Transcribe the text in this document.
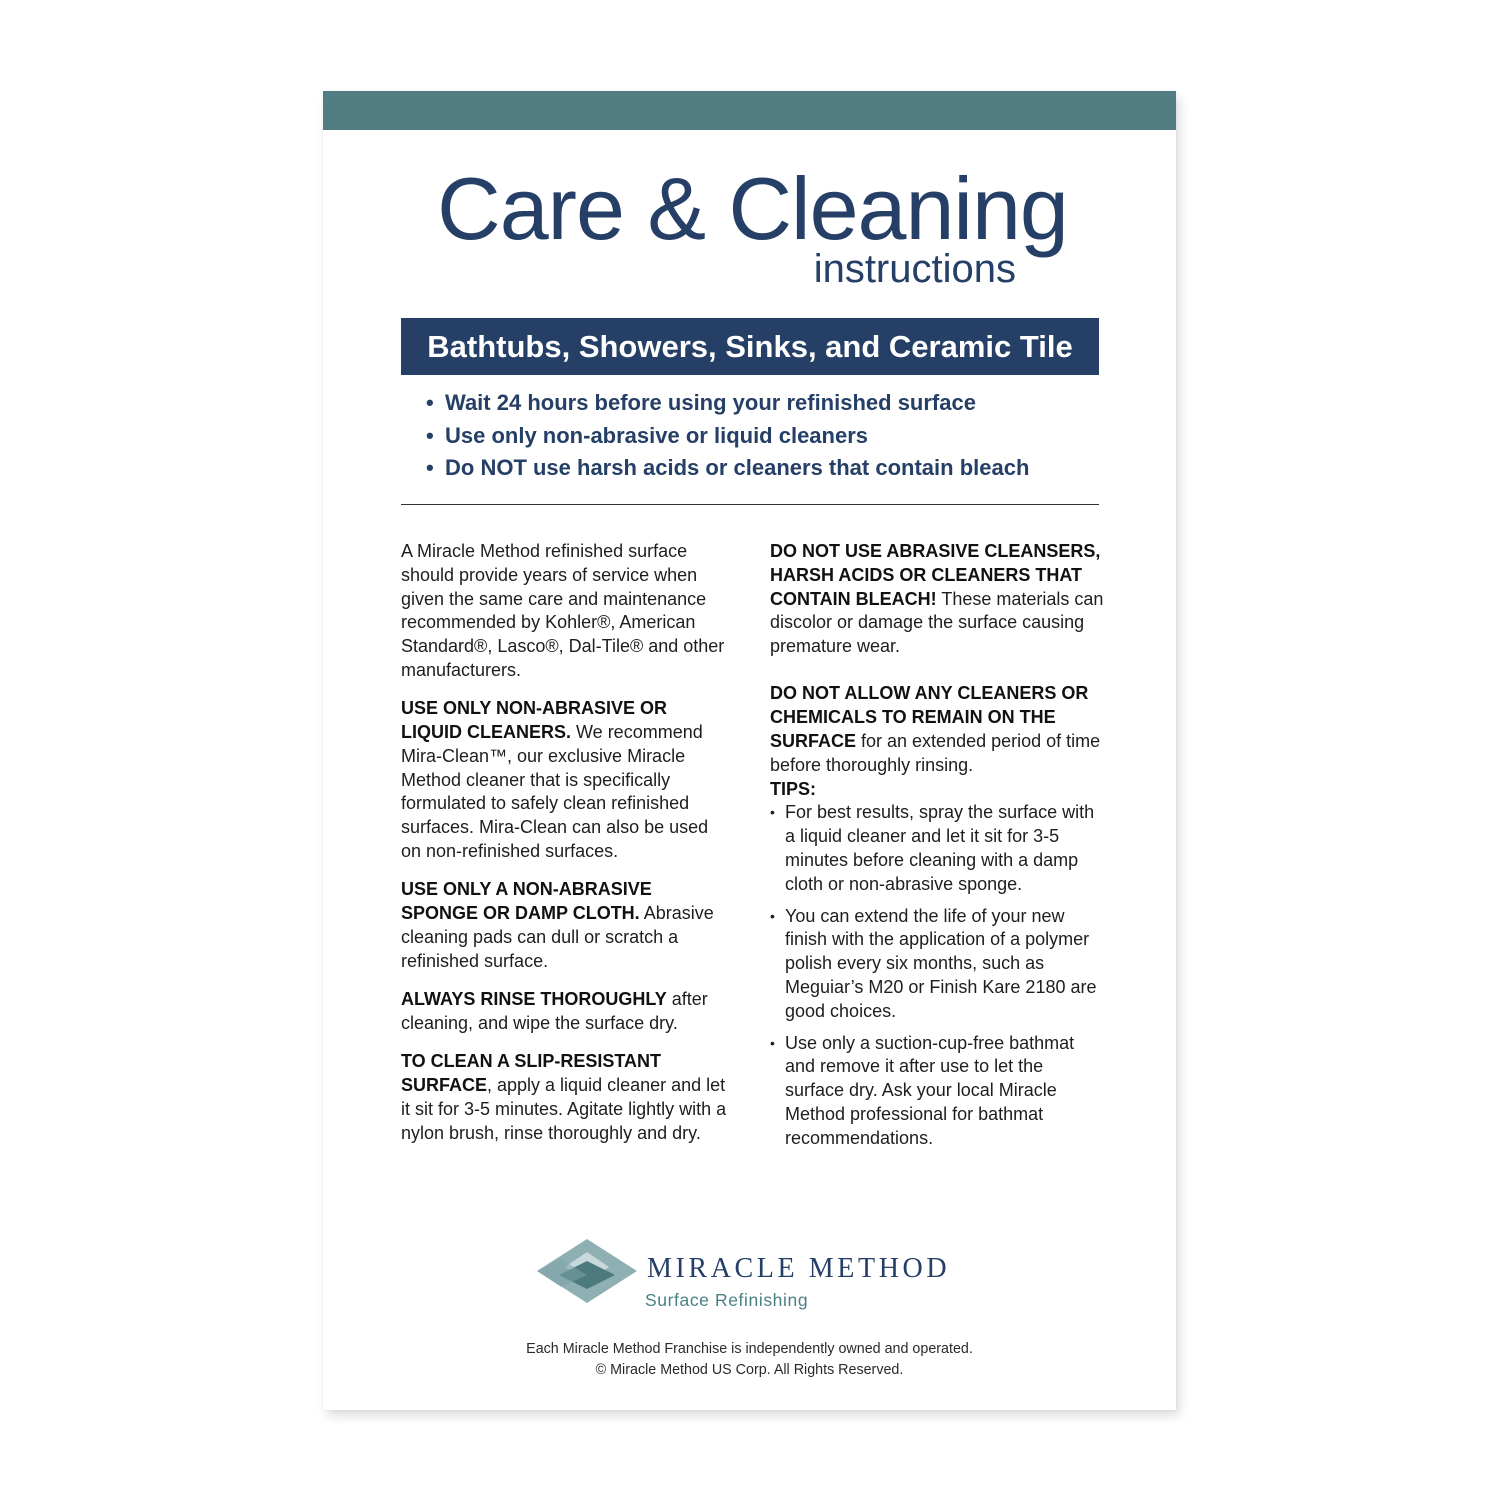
Care & Cleaning

instructions

Bathtubs, Showers, Sinks, and Ceramic Tile
• Wait 24 hours before using your refinished surface
• Use only non-abrasive or liquid cleaners
• Do NOT use harsh acids or cleaners that contain bleach

A Miracle Method refinished surface should provide years of service when given the same care and maintenance recommended by Kohler®, American Standard®, Lasco®, Dal-Tile® and other manufacturers.

USE ONLY NON-ABRASIVE OR LIQUID CLEANERS. We recommend Mira-Clean™, our exclusive Miracle Method cleaner that is specifically formulated to safely clean refinished surfaces. Mira-Clean can also be used on non-refinished surfaces.

USE ONLY A NON-ABRASIVE SPONGE OR DAMP CLOTH. Abrasive cleaning pads can dull or scratch a refinished surface.

ALWAYS RINSE THOROUGHLY after cleaning, and wipe the surface dry.

TO CLEAN A SLIP-RESISTANT SURFACE, apply a liquid cleaner and let it sit for 3-5 minutes. Agitate lightly with a nylon brush, rinse thoroughly and dry.

DO NOT USE ABRASIVE CLEANSERS, HARSH ACIDS OR CLEANERS THAT CONTAIN BLEACH! These materials can discolor or damage the surface causing premature wear.

DO NOT ALLOW ANY CLEANERS OR CHEMICALS TO REMAIN ON THE SURFACE for an extended period of time before thoroughly rinsing.

TIPS:

• For best results, spray the surface with a liquid cleaner and let it sit for 3-5 minutes before cleaning with a damp cloth or non-abrasive sponge.
• You can extend the life of your new finish with the application of a polymer polish every six months, such as Meguiar’s M20 or Finish Kare 2180 are good choices.
• Use only a suction-cup-free bathmat and remove it after use to let the surface dry. Ask your local Miracle Method professional for bathmat recommendations.

MIRACLE METHOD

Surface Refinishing

Each Miracle Method Franchise is independently owned and operated.

© Miracle Method US Corp. All Rights Reserved.
